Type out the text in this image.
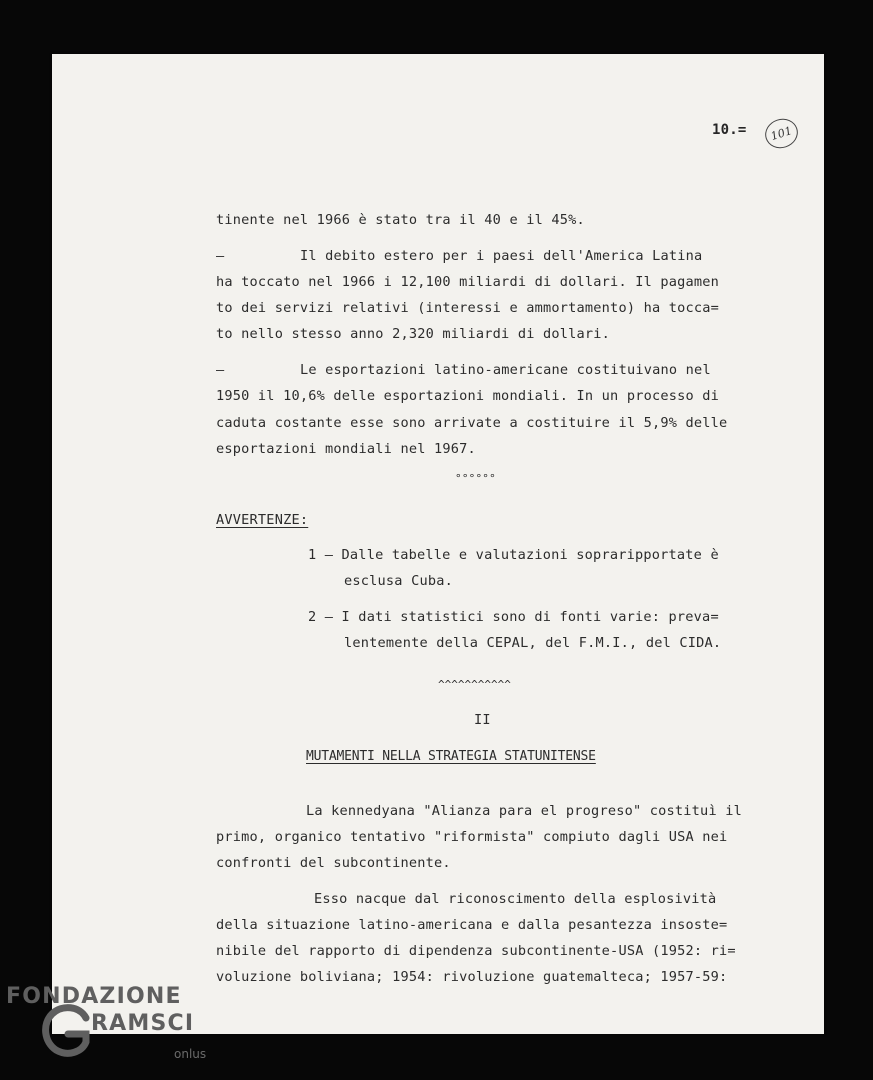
10.=	101
tinente nel 1966 è stato tra il 40 e il 45%.
–	Il debito estero per i paesi dell'America Latina
ha toccato nel 1966 i 12,100 miliardi di dollari. Il pagamen
to dei servizi relativi (interessi e ammortamento) ha tocca=
to nello stesso anno 2,320 miliardi di dollari.
–	Le esportazioni latino-americane costituivano nel
1950 il 10,6% delle esportazioni mondiali. In un processo di
caduta costante esse sono arrivate a costituire il 5,9% delle
esportazioni mondiali nel 1967.
°°°°°°
AVVERTENZE:
1 – Dalle tabelle e valutazioni sopraripportate è
esclusa Cuba.
2 – I dati statistici sono di fonti varie: preva=
lentemente della CEPAL, del F.M.I., del CIDA.
^^^^^^^^^^^
II
MUTAMENTI NELLA STRATEGIA STATUNITENSE
La kennedyana "Alianza para el progreso" costituì il
primo, organico tentativo "riformista" compiuto dagli USA nei
confronti del subcontinente.
Esso nacque dal riconoscimento della esplosività
della situazione latino-americana e dalla pesantezza insoste=
nibile del rapporto di dipendenza subcontinente-USA (1952: ri=
voluzione boliviana; 1954: rivoluzione guatemalteca; 1957-59:
FONDAZIONE
RAMSCI
onlus
